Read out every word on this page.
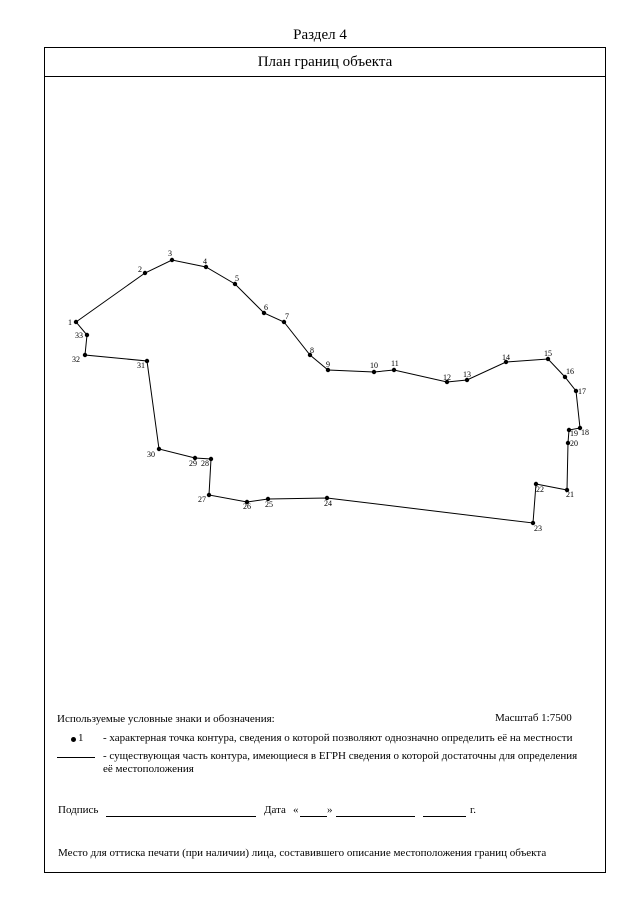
Раздел 4
План границ объекта
1
2
3
4
5
6
7
8
9	10 11
12 13
14	15
16
17
18
19
20
21
22
23
24
25
26
27
28
29
30
31
32
33
Используемые условные знаки и обозначения:	Масштаб 1:7500
1 - характерная точка контура, сведения о которой позволяют однозначно определить её на местности
- существующая часть контура, имеющиеся в ЕГРН сведения о которой достаточны для определения
её местоположения
Подпись	Дата «	»	г.
Место для оттиска печати (при наличии) лица, составившего описание местоположения границ объекта
